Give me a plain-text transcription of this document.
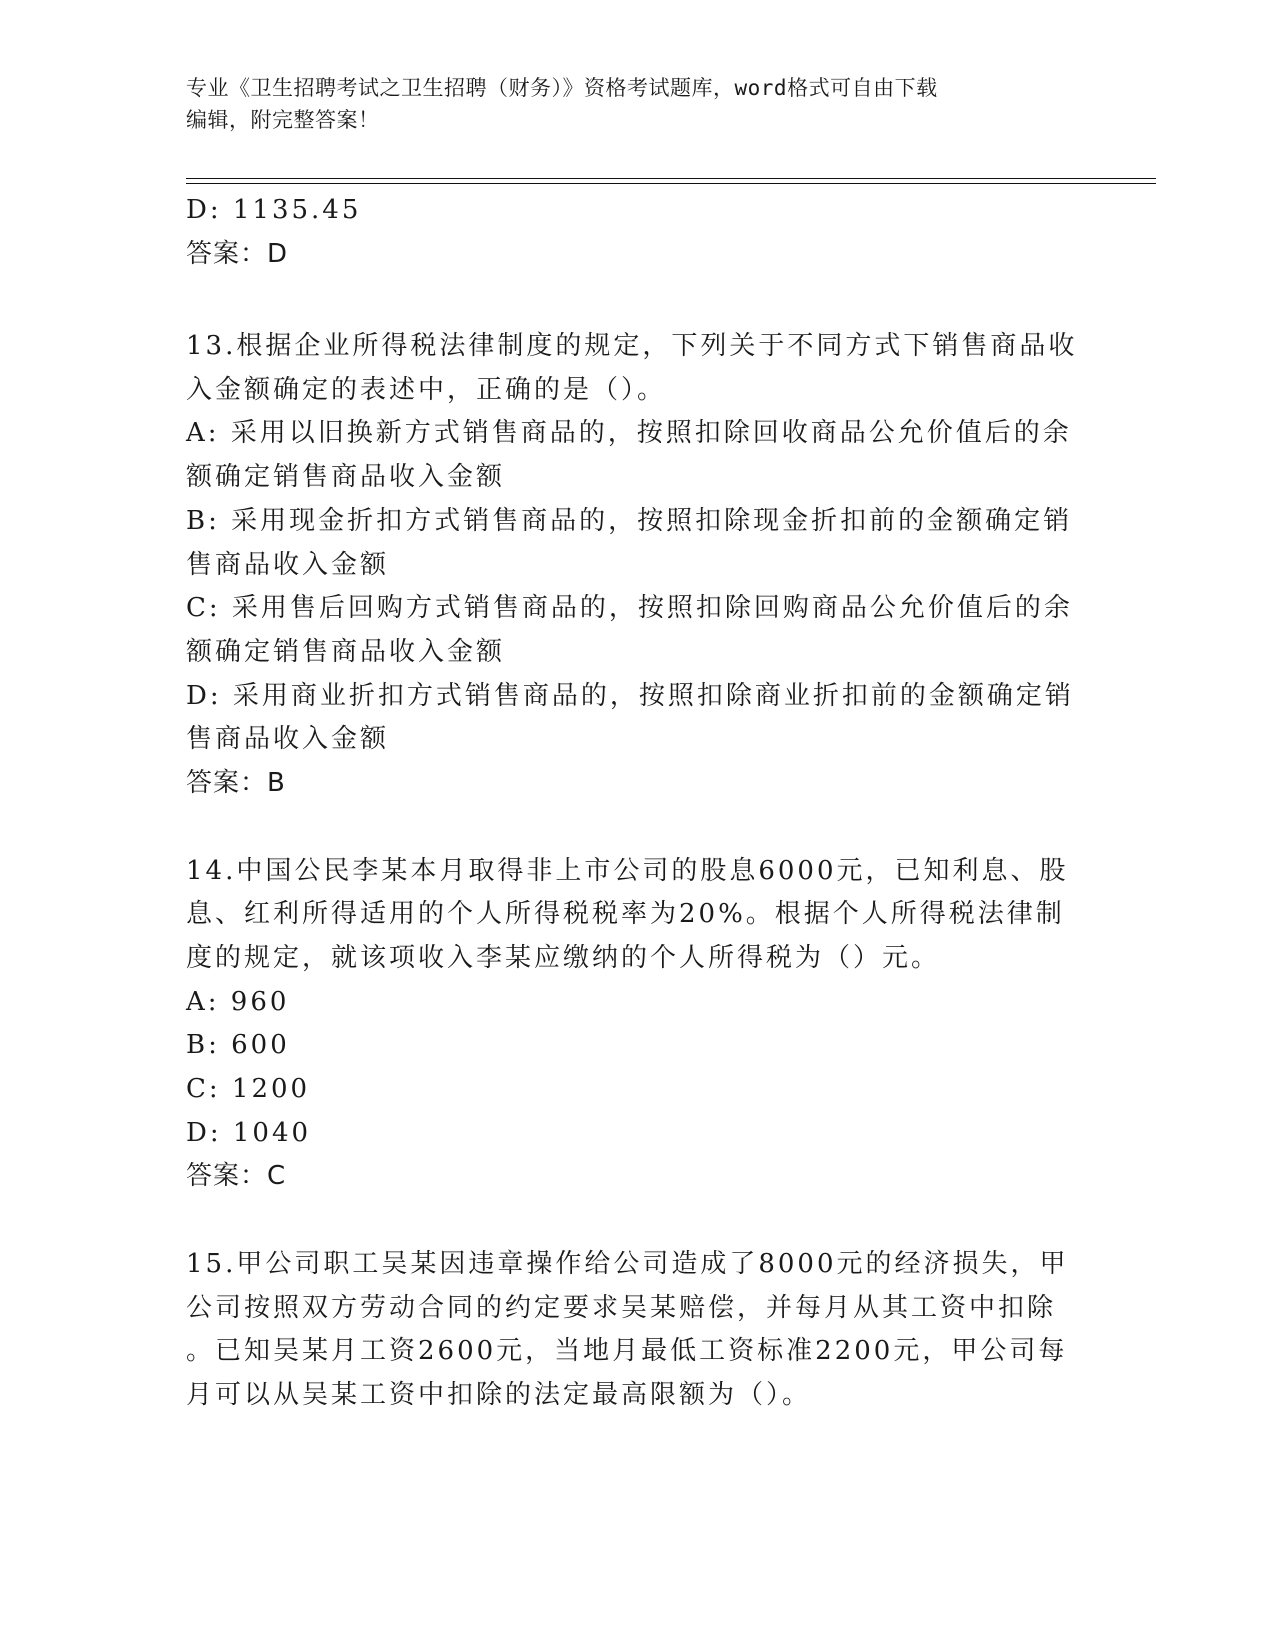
专业《卫生招聘考试之卫生招聘（财务）》资格考试题库，word格式可自由下载
编辑，附完整答案！
D: 1135.45
答案：D
13.根据企业所得税法律制度的规定，下列关于不同方式下销售商品收
入金额确定的表述中，正确的是（）。
A: 采用以旧换新方式销售商品的，按照扣除回收商品公允价值后的余
额确定销售商品收入金额
B: 采用现金折扣方式销售商品的，按照扣除现金折扣前的金额确定销
售商品收入金额
C: 采用售后回购方式销售商品的，按照扣除回购商品公允价值后的余
额确定销售商品收入金额
D: 采用商业折扣方式销售商品的，按照扣除商业折扣前的金额确定销
售商品收入金额
答案：B
14.中国公民李某本月取得非上市公司的股息6000元，已知利息、股
息、红利所得适用的个人所得税税率为20%。根据个人所得税法律制
度的规定，就该项收入李某应缴纳的个人所得税为（）元。
A: 960
B: 600
C: 1200
D: 1040
答案：C
15.甲公司职工吴某因违章操作给公司造成了8000元的经济损失，甲
公司按照双方劳动合同的约定要求吴某赔偿，并每月从其工资中扣除
。已知吴某月工资2600元，当地月最低工资标准2200元，甲公司每
月可以从吴某工资中扣除的法定最高限额为（）。
